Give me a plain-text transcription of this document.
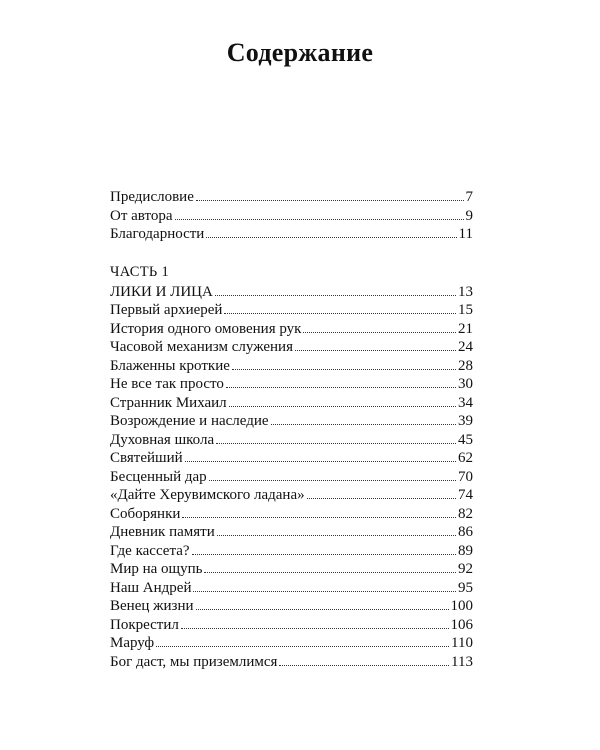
Содержание
Предисловие	7
От автора	9
Благодарности	11
ЧАСТЬ 1
ЛИКИ И ЛИЦА	13
Первый архиерей	15
История одного омовения рук	21
Часовой механизм служения	24
Блаженны кроткие	28
Не все так просто	30
Странник Михаил	34
Возрождение и наследие	39
Духовная школа	45
Святейший	62
Бесценный дар	70
«Дайте Херувимского ладана»	74
Соборянки	82
Дневник памяти	86
Где кассета?	89
Мир на ощупь	92
Наш Андрей	95
Венец жизни	100
Покрестил	106
Маруф	110
Бог даст, мы приземлимся	113
